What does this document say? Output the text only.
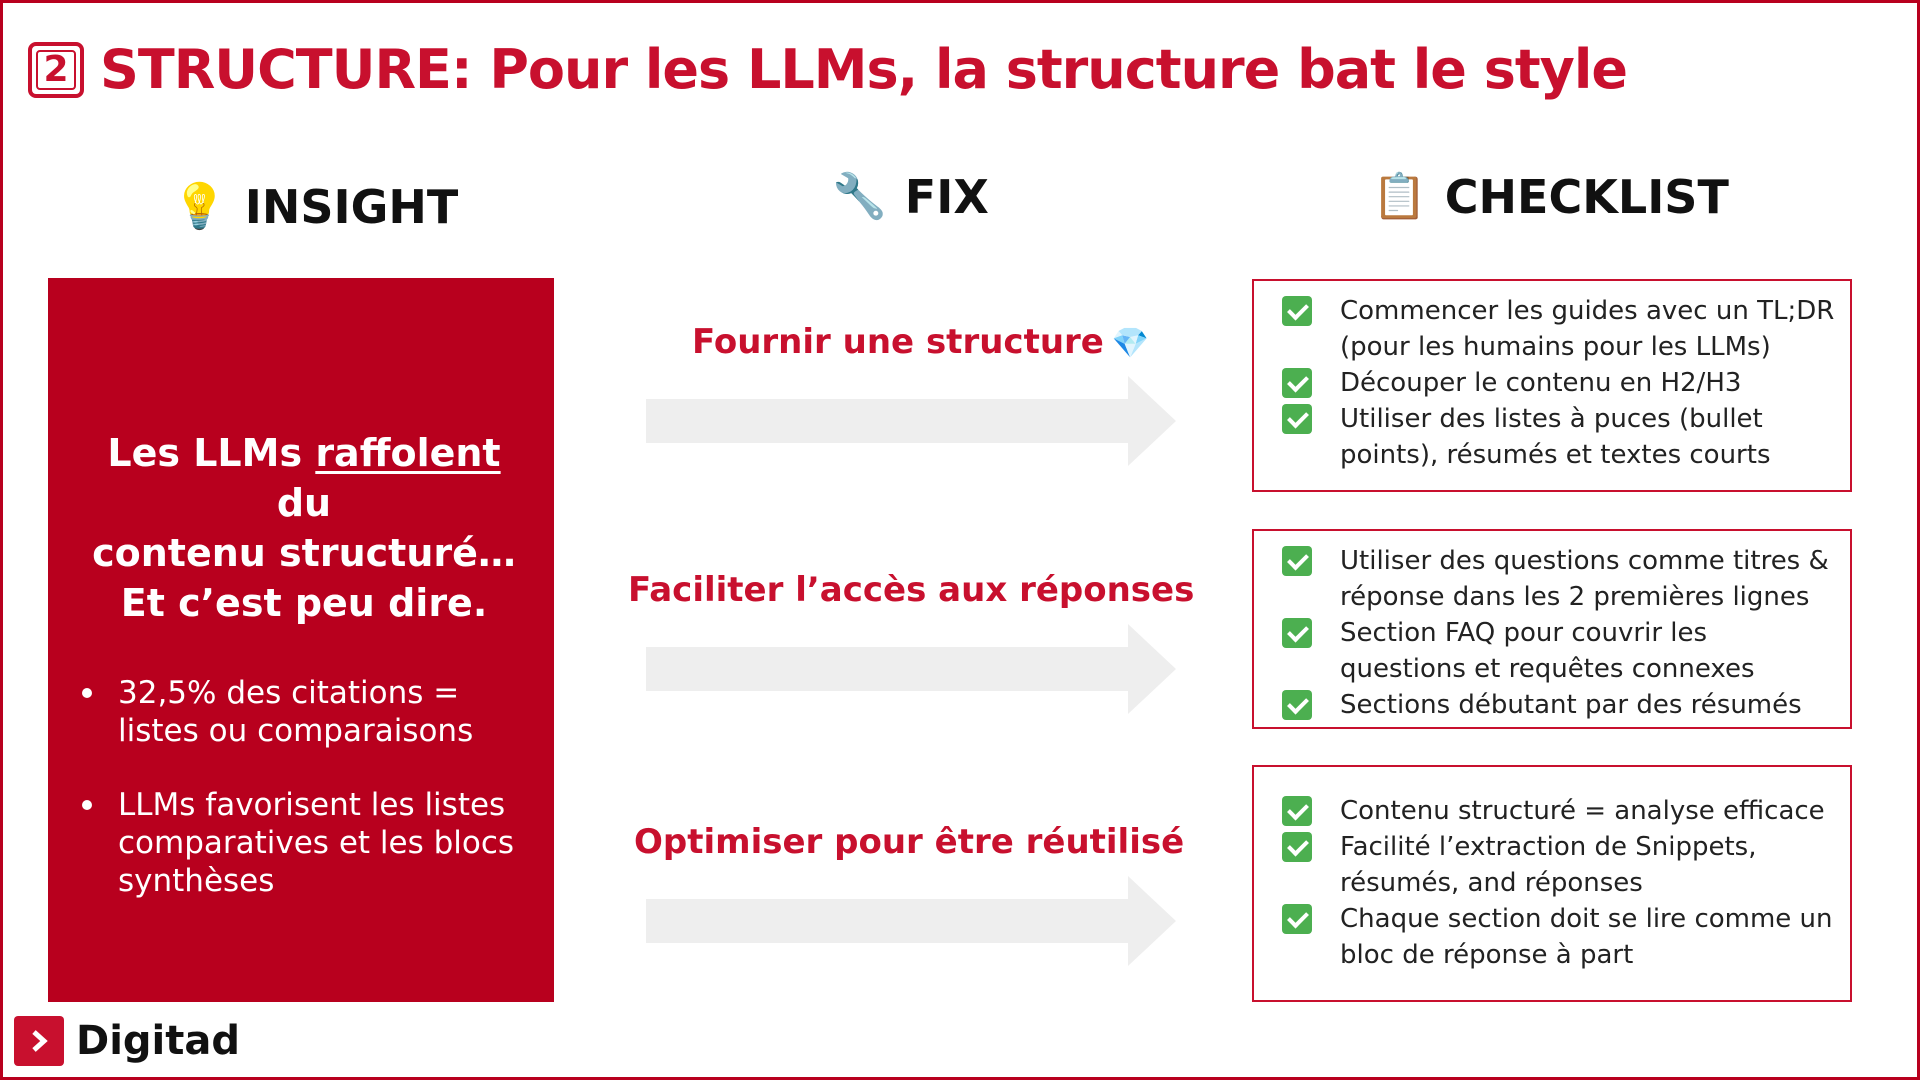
2 STRUCTURE: Pour les LLMs, la structure bat le style
💡 INSIGHT	🔧 FIX	📋 CHECKLIST
Les LLMs raffolent du
contenu structuré…
Et c’est peu dire.
32,5% des citations = listes ou comparaisons
LLMs favorisent les listes comparatives et les blocs synthèses
Fournir une structure 💎
Faciliter l’accès aux réponses
Optimiser pour être réutilisé
Commencer les guides avec un TL;DR (pour les humains pour les LLMs)
Découper le contenu en H2/H3
Utiliser des listes à puces (bullet points), résumés et textes courts
Utiliser des questions comme titres & réponse dans les 2 premières lignes
Section FAQ pour couvrir les questions et requêtes connexes
Sections débutant par des résumés
Contenu structuré = analyse efficace
Facilité l’extraction de Snippets, résumés, and réponses
Chaque section doit se lire comme un bloc de réponse à part
Digitad
